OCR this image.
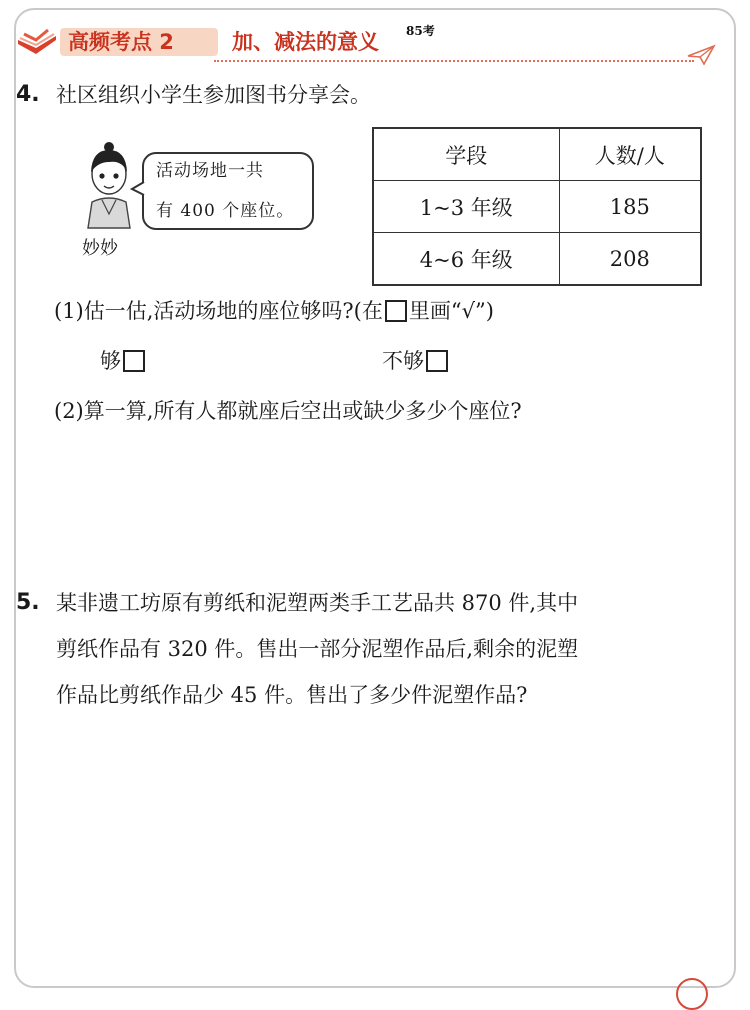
高频考点 2	加、减法的意义 85考
4. 社区组织小学生参加图书分享会。
妙妙
活动场地一共
有 400 个座位。
学段	人数/人
1~3 年级	185
4~6 年级	208
(1)估一估,活动场地的座位够吗?(在 里画“√”)
够	不够
(2)算一算,所有人都就座后空出或缺少多少个座位?
5. 某非遗工坊原有剪纸和泥塑两类手工艺品共 870 件,其中
剪纸作品有 320 件。售出一部分泥塑作品后,剩余的泥塑
作品比剪纸作品少 45 件。售出了多少件泥塑作品?
